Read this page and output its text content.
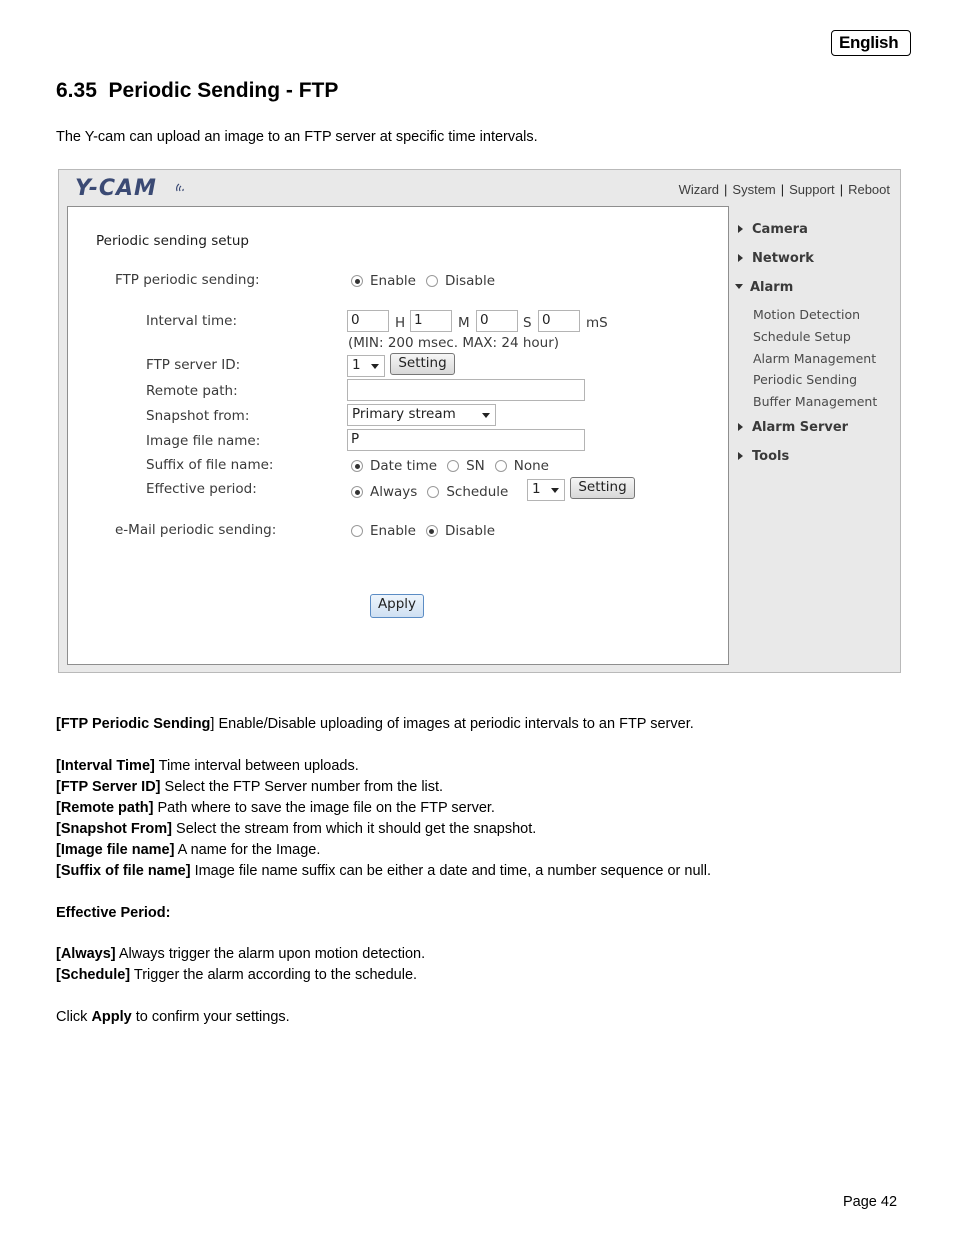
English
6.35  Periodic Sending - FTP
The Y-cam can upload an image to an FTP server at specific time intervals.
Y-CAM	Wizard | System | Support | Reboot
Periodic sending setup
FTP periodic sending:	Enable Disable
Interval time:	0	H 1	M 0	S 0	mS
(MIN: 200 msec. MAX: 24 hour)
FTP server ID:	1	Setting
Remote path:
Snapshot from:	Primary stream
Image file name:	P
Suffix of file name:	Date time SN None
Effective period:	Always Schedule	1	Setting
e-Mail periodic sending:	Enable Disable
Apply
Camera
Network
Alarm
Motion Detection
Schedule Setup
Alarm Management
Periodic Sending
Buffer Management
Alarm Server
Tools
[FTP Periodic Sending] Enable/Disable uploading of images at periodic intervals to an FTP server.
[Interval Time] Time interval between uploads.
[FTP Server ID] Select the FTP Server number from the list.
[Remote path] Path where to save the image file on the FTP server.
[Snapshot From] Select the stream from which it should get the snapshot.
[Image file name] A name for the Image.
[Suffix of file name] Image file name suffix can be either a date and time, a number sequence or null.
Effective Period:
[Always] Always trigger the alarm upon motion detection.
[Schedule] Trigger the alarm according to the schedule.
Click Apply to confirm your settings.
Page 42
